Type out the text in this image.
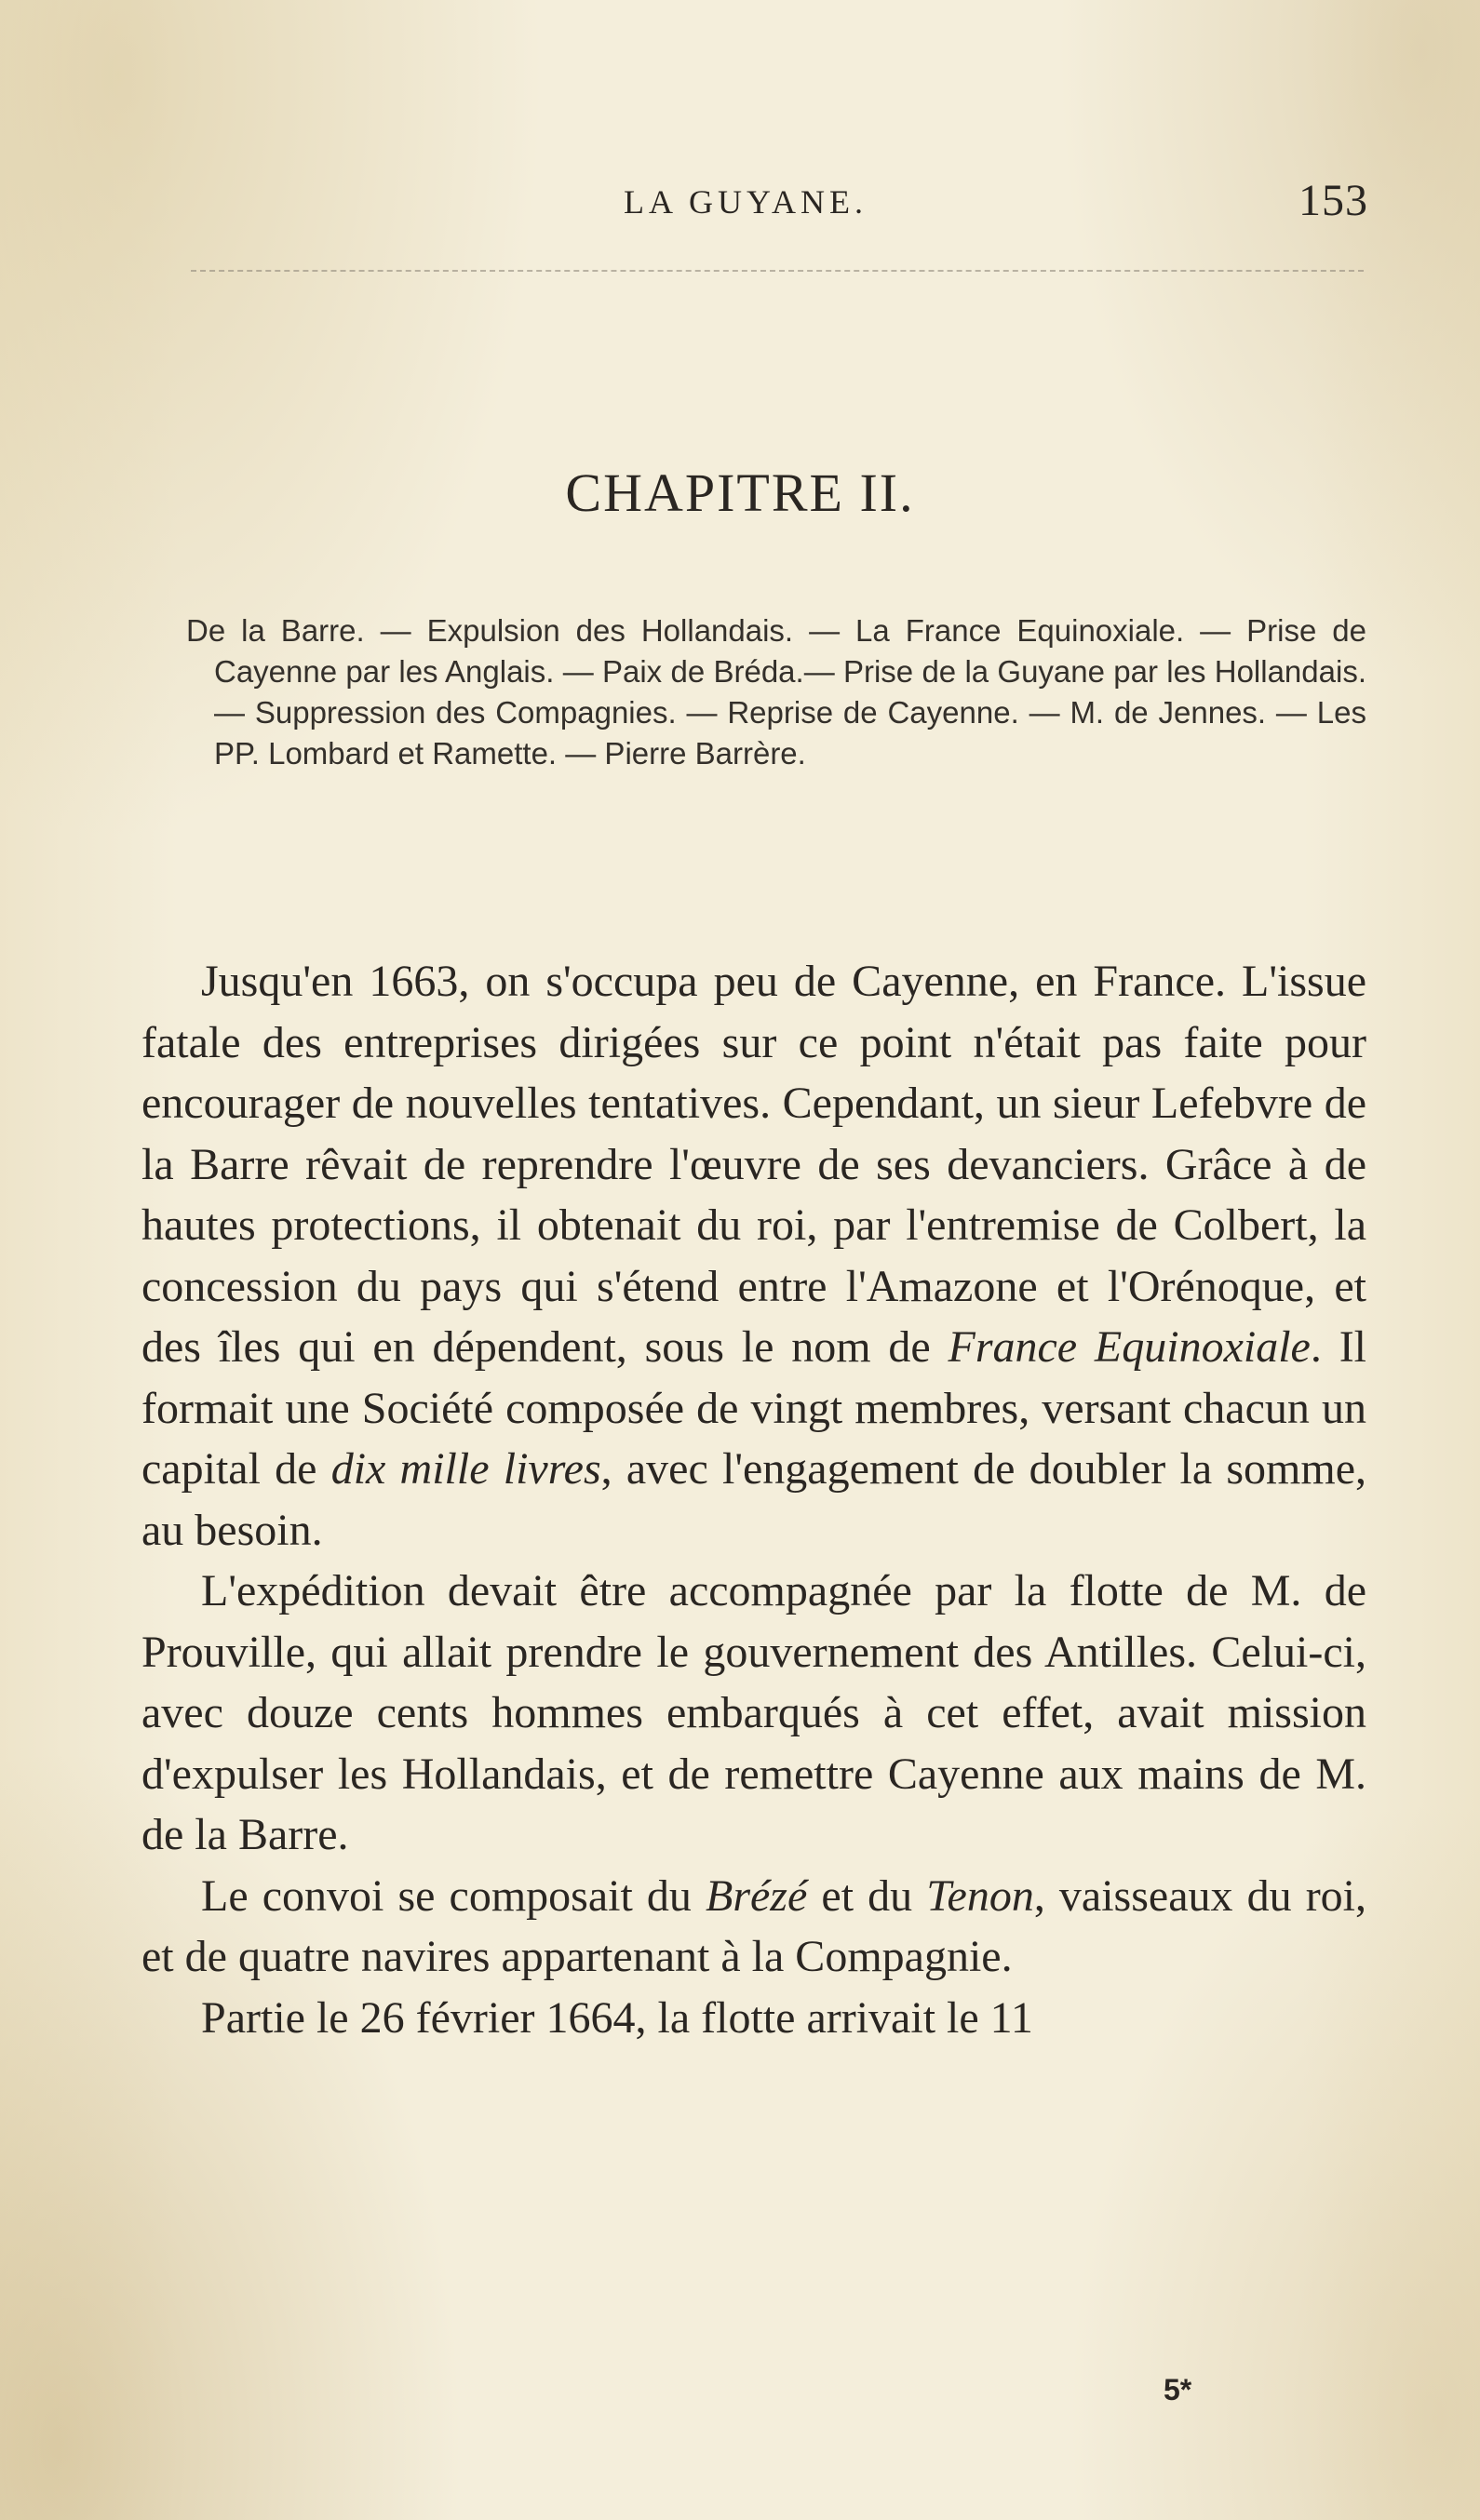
LA GUYANE.	153
CHAPITRE II.
De la Barre. — Expulsion des Hollandais. — La France Equinoxiale. — Prise de Cayenne par les Anglais. — Paix de Bréda.— Prise de la Guyane par les Hollandais. — Suppression des Compagnies. — Reprise de Cayenne. — M. de Jennes. — Les PP. Lombard et Ramette. — Pierre Barrère.

Jusqu'en 1663, on s'occupa peu de Cayenne, en France. L'issue fatale des entreprises dirigées sur ce point n'était pas faite pour encourager de nouvelles tentatives. Cependant, un sieur Lefebvre de la Barre rêvait de reprendre l'œuvre de ses devanciers. Grâce à de hautes protections, il obtenait du roi, par l'entremise de Colbert, la concession du pays qui s'étend entre l'Amazone et l'Orénoque, et des îles qui en dépendent, sous le nom de France Equinoxiale. Il formait une Société composée de vingt membres, versant chacun un capital de dix mille livres, avec l'engagement de doubler la somme, au besoin.

L'expédition devait être accompagnée par la flotte de M. de Prouville, qui allait prendre le gouvernement des Antilles. Celui-ci, avec douze cents hommes embarqués à cet effet, avait mission d'expulser les Hollandais, et de remettre Cayenne aux mains de M. de la Barre.

Le convoi se composait du Brézé et du Tenon, vaisseaux du roi, et de quatre navires appartenant à la Compagnie.

Partie le 26 février 1664, la flotte arrivait le 11

5*
